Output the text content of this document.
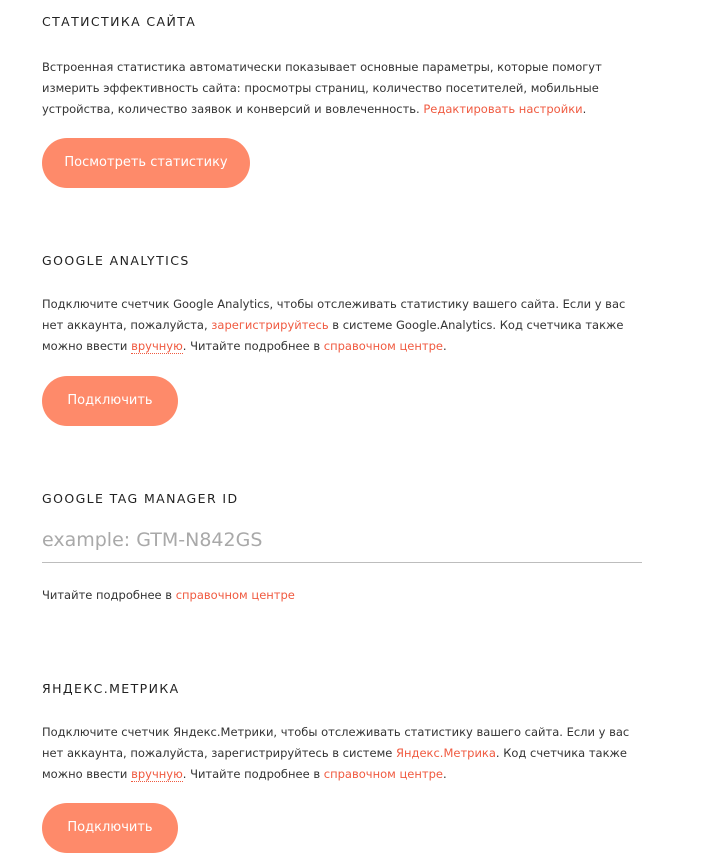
СТАТИСТИКА САЙТА

Встроенная статистика автоматически показывает основные параметры, которые помогут измерить эффективность сайта: просмотры страниц, количество посетителей, мобильные устройства, количество заявок и конверсий и вовлеченность. Редактировать настройки.

Посмотреть статистику
GOOGLE ANALYTICS

Подключите счетчик Google Analytics, чтобы отслеживать статистику вашего сайта. Если у вас нет аккаунта, пожалуйста, зарегистрируйтесь в системе Google.Analytics. Код счетчика также можно ввести вручную. Читайте подробнее в справочном центре.

Подключить
GOOGLE TAG MANAGER ID
example: GTM-N842GS

Читайте подробнее в справочном центре

ЯНДЕКС.МЕТРИКА

Подключите счетчик Яндекс.Метрики, чтобы отслеживать статистику вашего сайта. Если у вас нет аккаунта, пожалуйста, зарегистрируйтесь в системе Яндекс.Метрика. Код счетчика также можно ввести вручную. Читайте подробнее в справочном центре.

Подключить
